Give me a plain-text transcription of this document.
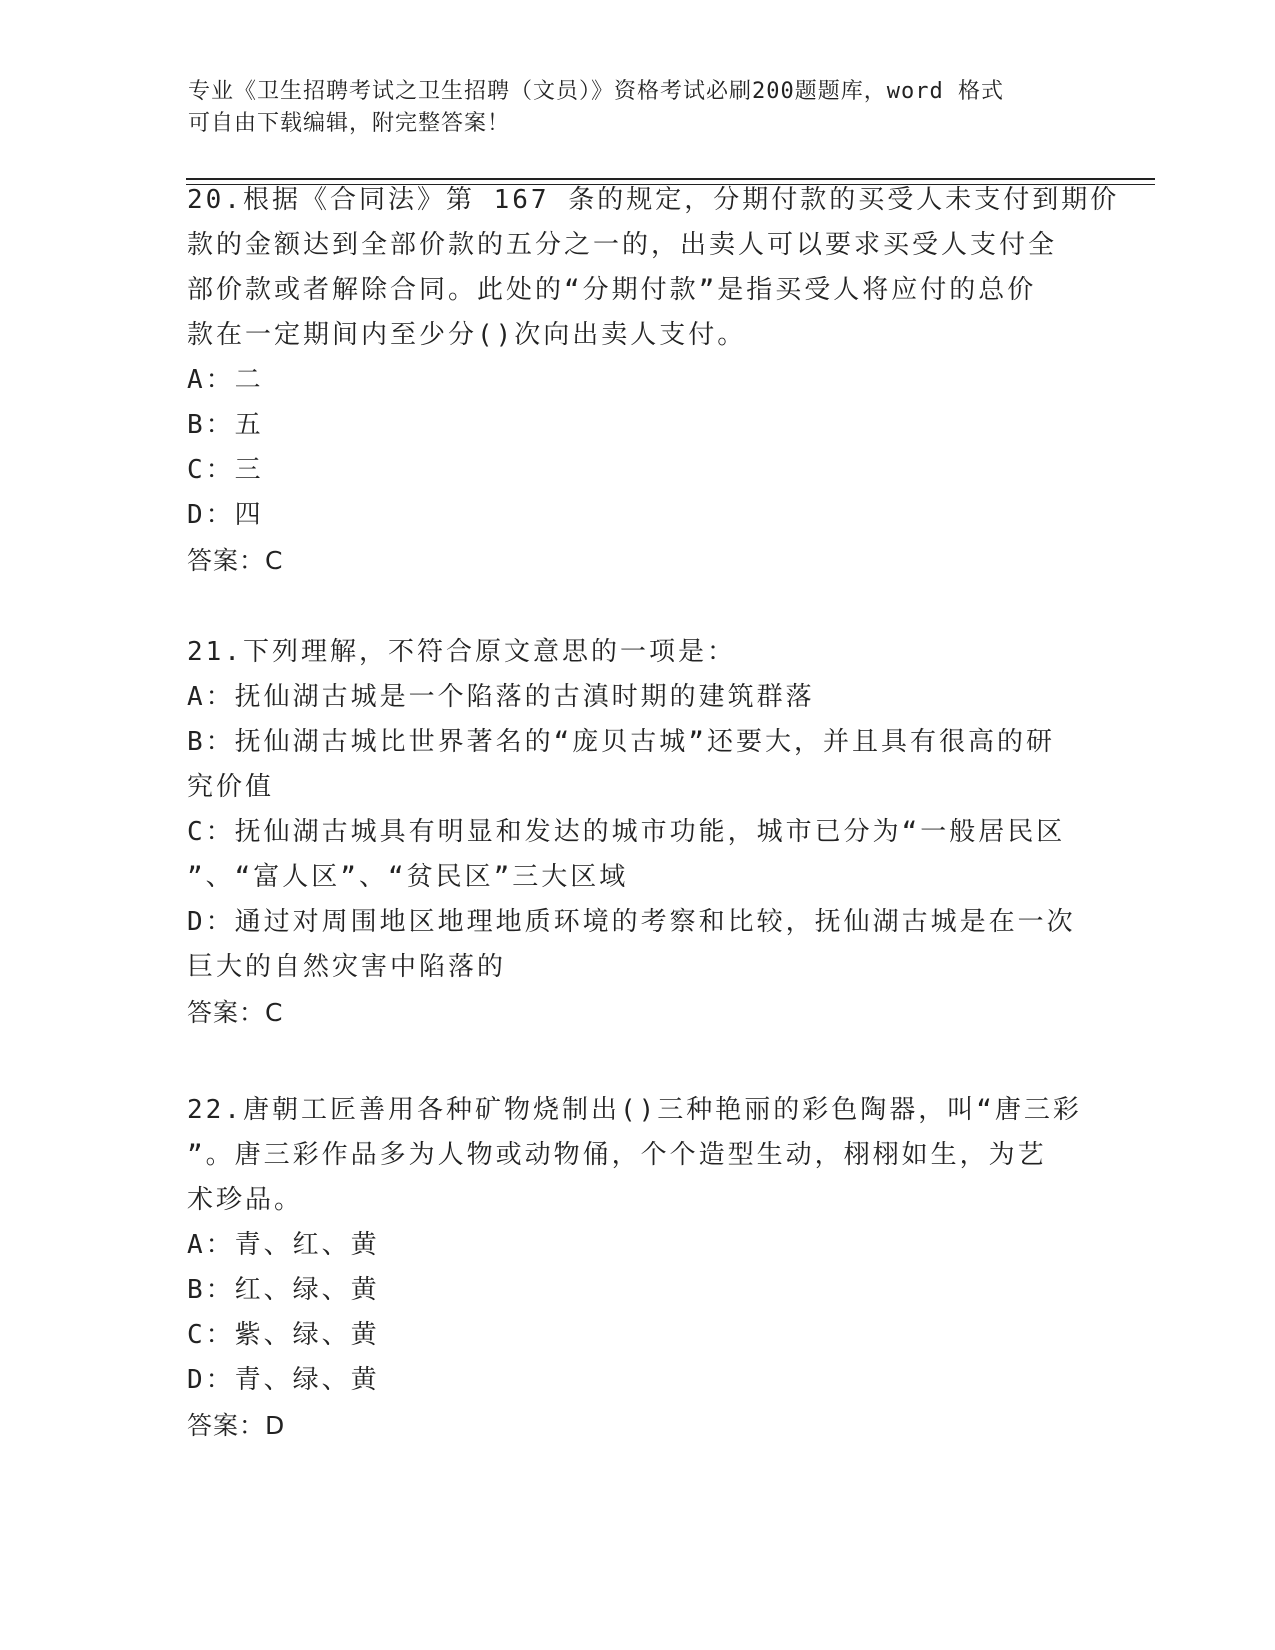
专业《卫生招聘考试之卫生招聘（文员）》资格考试必刷200题题库，word 格式
可自由下载编辑，附完整答案！
20.根据《合同法》第 167 条的规定，分期付款的买受人未支付到期价
款的金额达到全部价款的五分之一的，出卖人可以要求买受人支付全
部价款或者解除合同。此处的“分期付款”是指买受人将应付的总价
款在一定期间内至少分()次向出卖人支付。
A：二
B：五
C：三
D：四
答案：C
21.下列理解，不符合原文意思的一项是：
A：抚仙湖古城是一个陷落的古滇时期的建筑群落
B：抚仙湖古城比世界著名的“庞贝古城”还要大，并且具有很高的研
究价值
C：抚仙湖古城具有明显和发达的城市功能，城市已分为“一般居民区
”、“富人区”、“贫民区”三大区域
D：通过对周围地区地理地质环境的考察和比较，抚仙湖古城是在一次
巨大的自然灾害中陷落的
答案：C
22.唐朝工匠善用各种矿物烧制出()三种艳丽的彩色陶器，叫“唐三彩
”。唐三彩作品多为人物或动物俑，个个造型生动，栩栩如生，为艺
术珍品。
A：青、红、黄
B：红、绿、黄
C：紫、绿、黄
D：青、绿、黄
答案：D
